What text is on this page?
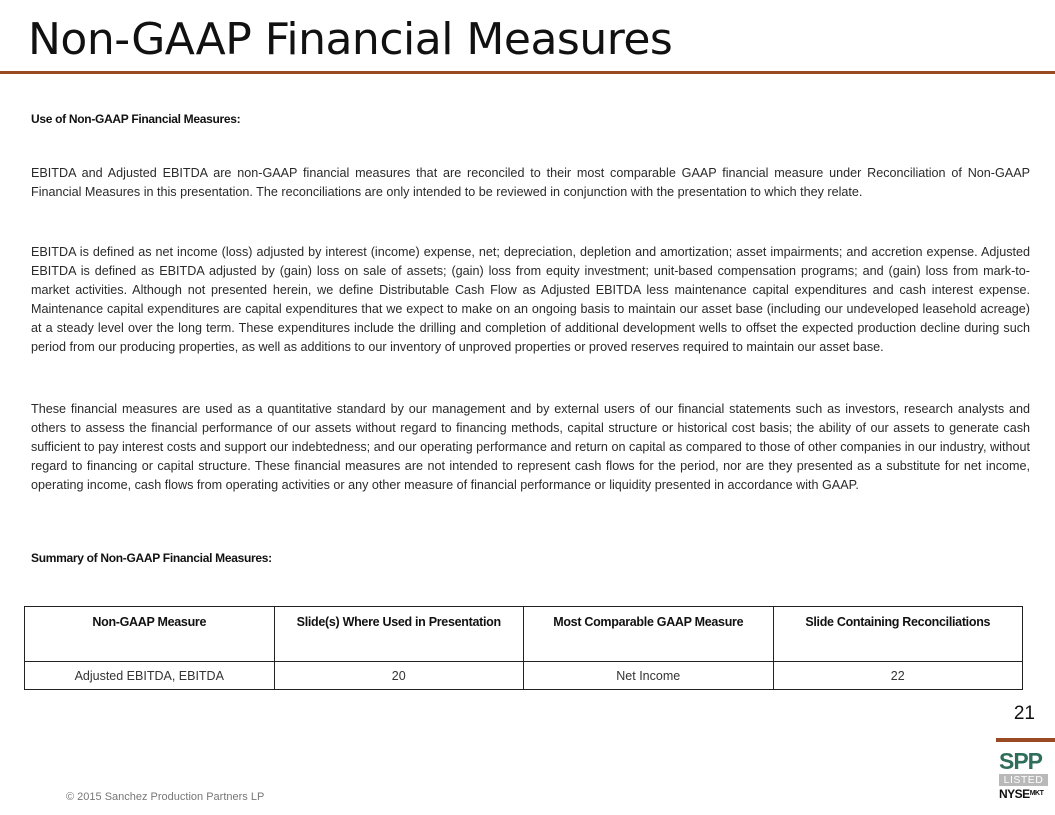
Non-GAAP Financial Measures
Use of Non-GAAP Financial Measures:

EBITDA and Adjusted EBITDA are non-GAAP financial measures that are reconciled to their most comparable GAAP financial measure under Reconciliation of Non-GAAP Financial Measures in this presentation. The reconciliations are only intended to be reviewed in conjunction with the presentation to which they relate.

EBITDA is defined as net income (loss) adjusted by interest (income) expense, net; depreciation, depletion and amortization; asset impairments; and accretion expense. Adjusted EBITDA is defined as EBITDA adjusted by (gain) loss on sale of assets; (gain) loss from equity investment; unit-based compensation programs; and (gain) loss from mark-to-market activities. Although not presented herein, we define Distributable Cash Flow as Adjusted EBITDA less maintenance capital expenditures and cash interest expense. Maintenance capital expenditures are capital expenditures that we expect to make on an ongoing basis to maintain our asset base (including our undeveloped leasehold acreage) at a steady level over the long term. These expenditures include the drilling and completion of additional development wells to offset the expected production decline during such period from our producing properties, as well as additions to our inventory of unproved properties or proved reserves required to maintain our asset base.

These financial measures are used as a quantitative standard by our management and by external users of our financial statements such as investors, research analysts and others to assess the financial performance of our assets without regard to financing methods, capital structure or historical cost basis; the ability of our assets to generate cash sufficient to pay interest costs and support our indebtedness; and our operating performance and return on capital as compared to those of other companies in our industry, without regard to financing or capital structure. These financial measures are not intended to represent cash flows for the period, nor are they presented as a substitute for net income, operating income, cash flows from operating activities or any other measure of financial performance or liquidity presented in accordance with GAAP.

Summary of Non-GAAP Financial Measures:
Non-GAAP Measure	Slide(s) Where Used in Presentation	Most Comparable GAAP Measure	Slide Containing Reconciliations
Adjusted EBITDA, EBITDA	20	Net Income	22
21
SPP
LISTED
$NYSE^{MKT}$
© 2015 Sanchez Production Partners LP
